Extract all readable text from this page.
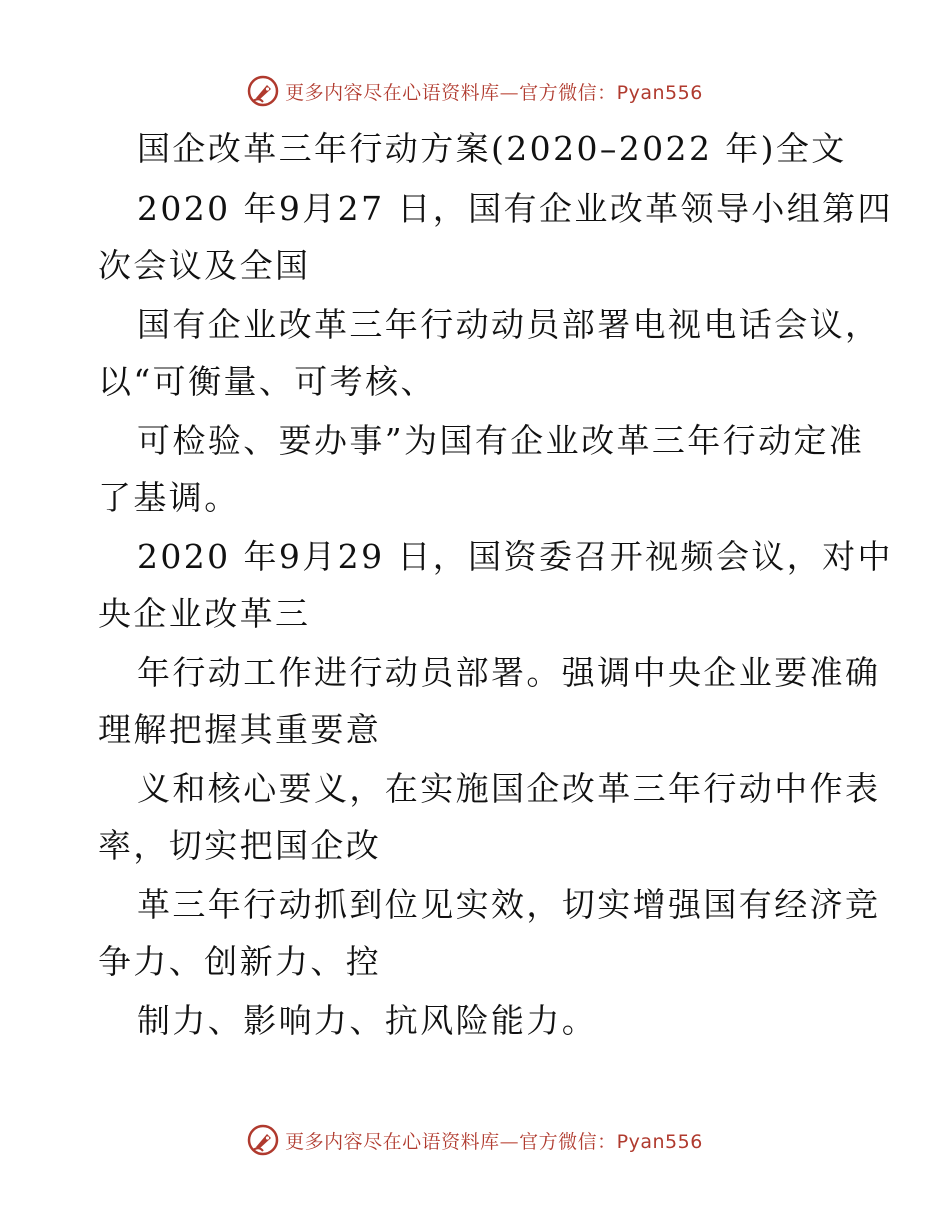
更多内容尽在心语资料库—官方微信：Pyan556
国企改革三年行动方案(2020–2022 年)全文
2020 年9月27 日，国有企业改革领导小组第四
次会议及全国
国有企业改革三年行动动员部署电视电话会议，
以“可衡量、可考核、
可检验、要办事”为国有企业改革三年行动定准
了基调。
2020 年9月29 日，国资委召开视频会议，对中
央企业改革三
年行动工作进行动员部署。强调中央企业要准确
理解把握其重要意
义和核心要义，在实施国企改革三年行动中作表
率，切实把国企改
革三年行动抓到位见实效，切实增强国有经济竞
争力、创新力、控
制力、影响力、抗风险能力。
更多内容尽在心语资料库—官方微信：Pyan556
